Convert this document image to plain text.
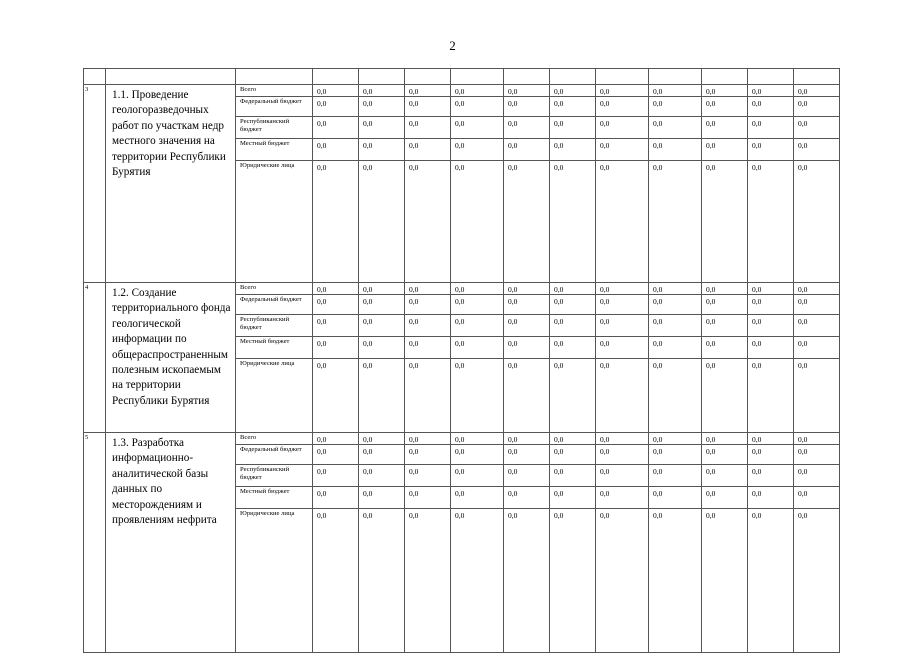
2

3	1.1. Проведение геологоразведочных работ по участкам недр местного значения на территории Республики Бурятия	Всего	0,0	0,0	0,0	0,0	0,0	0,0	0,0	0,0	0,0	0,0	0,0
		Федеральный бюджет	0,0	0,0	0,0	0,0	0,0	0,0	0,0	0,0	0,0	0,0	0,0
		Республиканский бюджет	0,0	0,0	0,0	0,0	0,0	0,0	0,0	0,0	0,0	0,0	0,0
		Местный бюджет	0,0	0,0	0,0	0,0	0,0	0,0	0,0	0,0	0,0	0,0	0,0
		Юридические лица	0,0	0,0	0,0	0,0	0,0	0,0	0,0	0,0	0,0	0,0	0,0
4	1.2. Создание территориального фонда геологической информации по общераспространенным полезным ископаемым на территории Республики Бурятия	Всего	0,0	0,0	0,0	0,0	0,0	0,0	0,0	0,0	0,0	0,0	0,0
		Федеральный бюджет	0,0	0,0	0,0	0,0	0,0	0,0	0,0	0,0	0,0	0,0	0,0
		Республиканский бюджет	0,0	0,0	0,0	0,0	0,0	0,0	0,0	0,0	0,0	0,0	0,0
		Местный бюджет	0,0	0,0	0,0	0,0	0,0	0,0	0,0	0,0	0,0	0,0	0,0
		Юридические лица	0,0	0,0	0,0	0,0	0,0	0,0	0,0	0,0	0,0	0,0	0,0
5	1.3. Разработка информационно-аналитической базы данных по месторождениям и проявлениям нефрита	Всего	0,0	0,0	0,0	0,0	0,0	0,0	0,0	0,0	0,0	0,0	0,0
		Федеральный бюджет	0,0	0,0	0,0	0,0	0,0	0,0	0,0	0,0	0,0	0,0	0,0
		Республиканский бюджет	0,0	0,0	0,0	0,0	0,0	0,0	0,0	0,0	0,0	0,0	0,0
		Местный бюджет	0,0	0,0	0,0	0,0	0,0	0,0	0,0	0,0	0,0	0,0	0,0
		Юридические лица	0,0	0,0	0,0	0,0	0,0	0,0	0,0	0,0	0,0	0,0	0,0
